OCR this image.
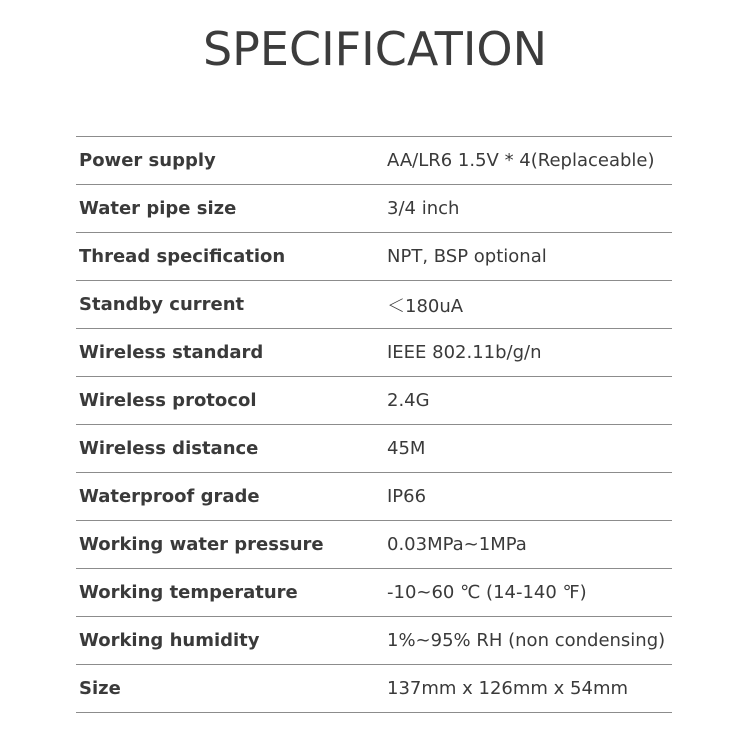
SPECIFICATION
Power supply	AA/LR6 1.5V * 4(Replaceable)
Water pipe size	3/4 inch
Thread specification	NPT, BSP optional
Standby current	＜180uA
Wireless standard	IEEE 802.11b/g/n
Wireless protocol	2.4G
Wireless distance	45M
Waterproof grade	IP66
Working water pressure	0.03MPa~1MPa
Working temperature	-10~60 ℃ (14-140 ℉)
Working humidity	1%~95% RH (non condensing)
Size	137mm x 126mm x 54mm
